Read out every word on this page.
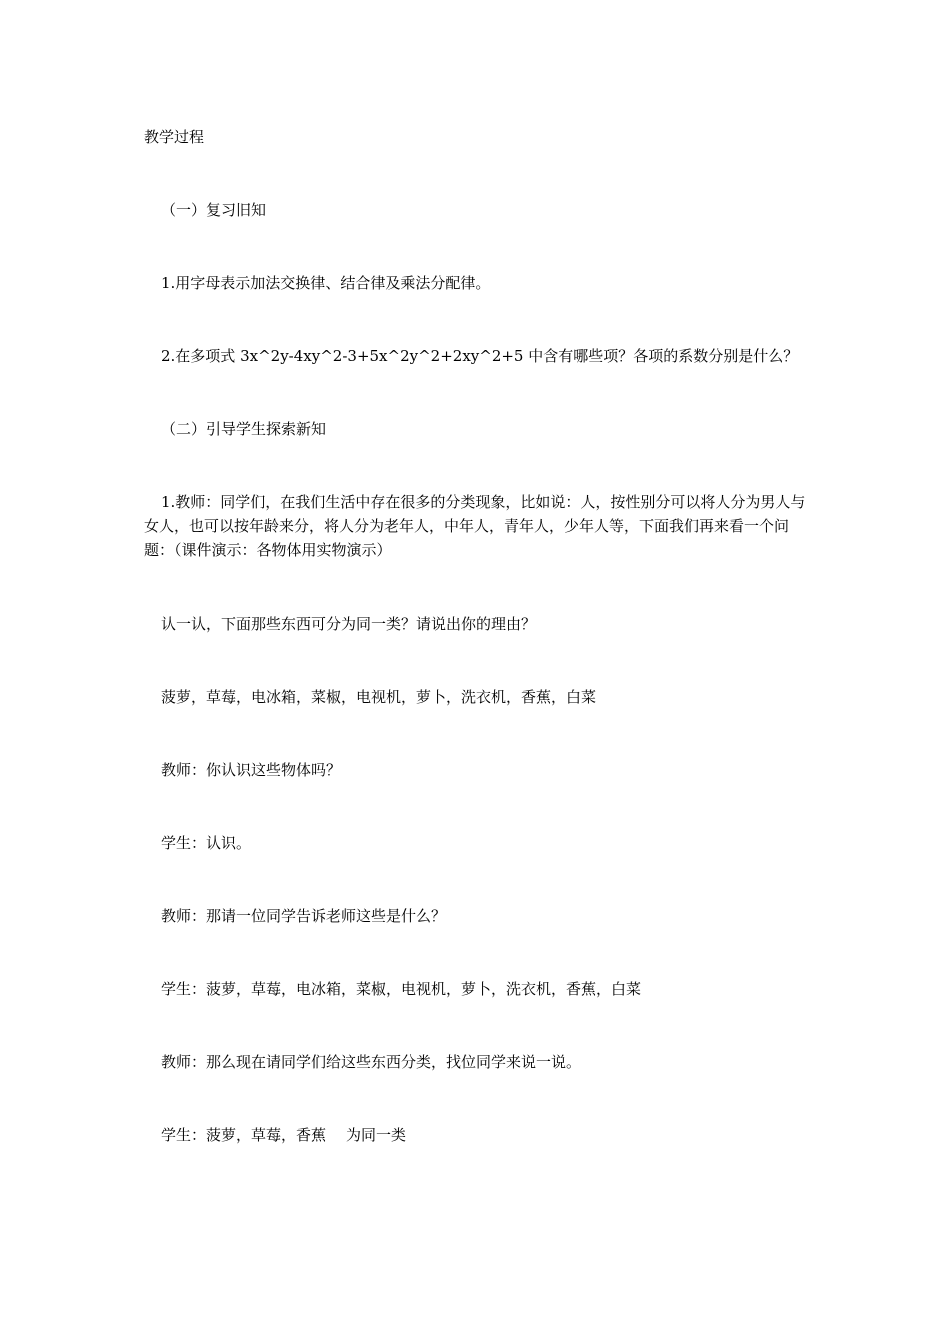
教学过程

（一）复习旧知

1.用字母表示加法交换律、结合律及乘法分配律。

2.在多项式 3x^2y-4xy^2-3+5x^2y^2+2xy^2+5 中含有哪些项？各项的系数分别是什么？

（二）引导学生探索新知

1.教师：同学们，在我们生活中存在很多的分类现象，比如说：人，按性别分可以将人分为男人与女人，也可以按年龄来分，将人分为老年人，中年人，青年人，少年人等，下面我们再来看一个问题：（课件演示：各物体用实物演示）

认一认，下面那些东西可分为同一类？请说出你的理由？

菠萝，草莓，电冰箱，菜椒，电视机，萝卜，洗衣机，香蕉，白菜

教师：你认识这些物体吗？

学生：认识。

教师：那请一位同学告诉老师这些是什么？

学生：菠萝，草莓，电冰箱，菜椒，电视机，萝卜，洗衣机，香蕉，白菜

教师：那么现在请同学们给这些东西分类，找位同学来说一说。

学生：菠萝，草莓，香蕉 为同一类
